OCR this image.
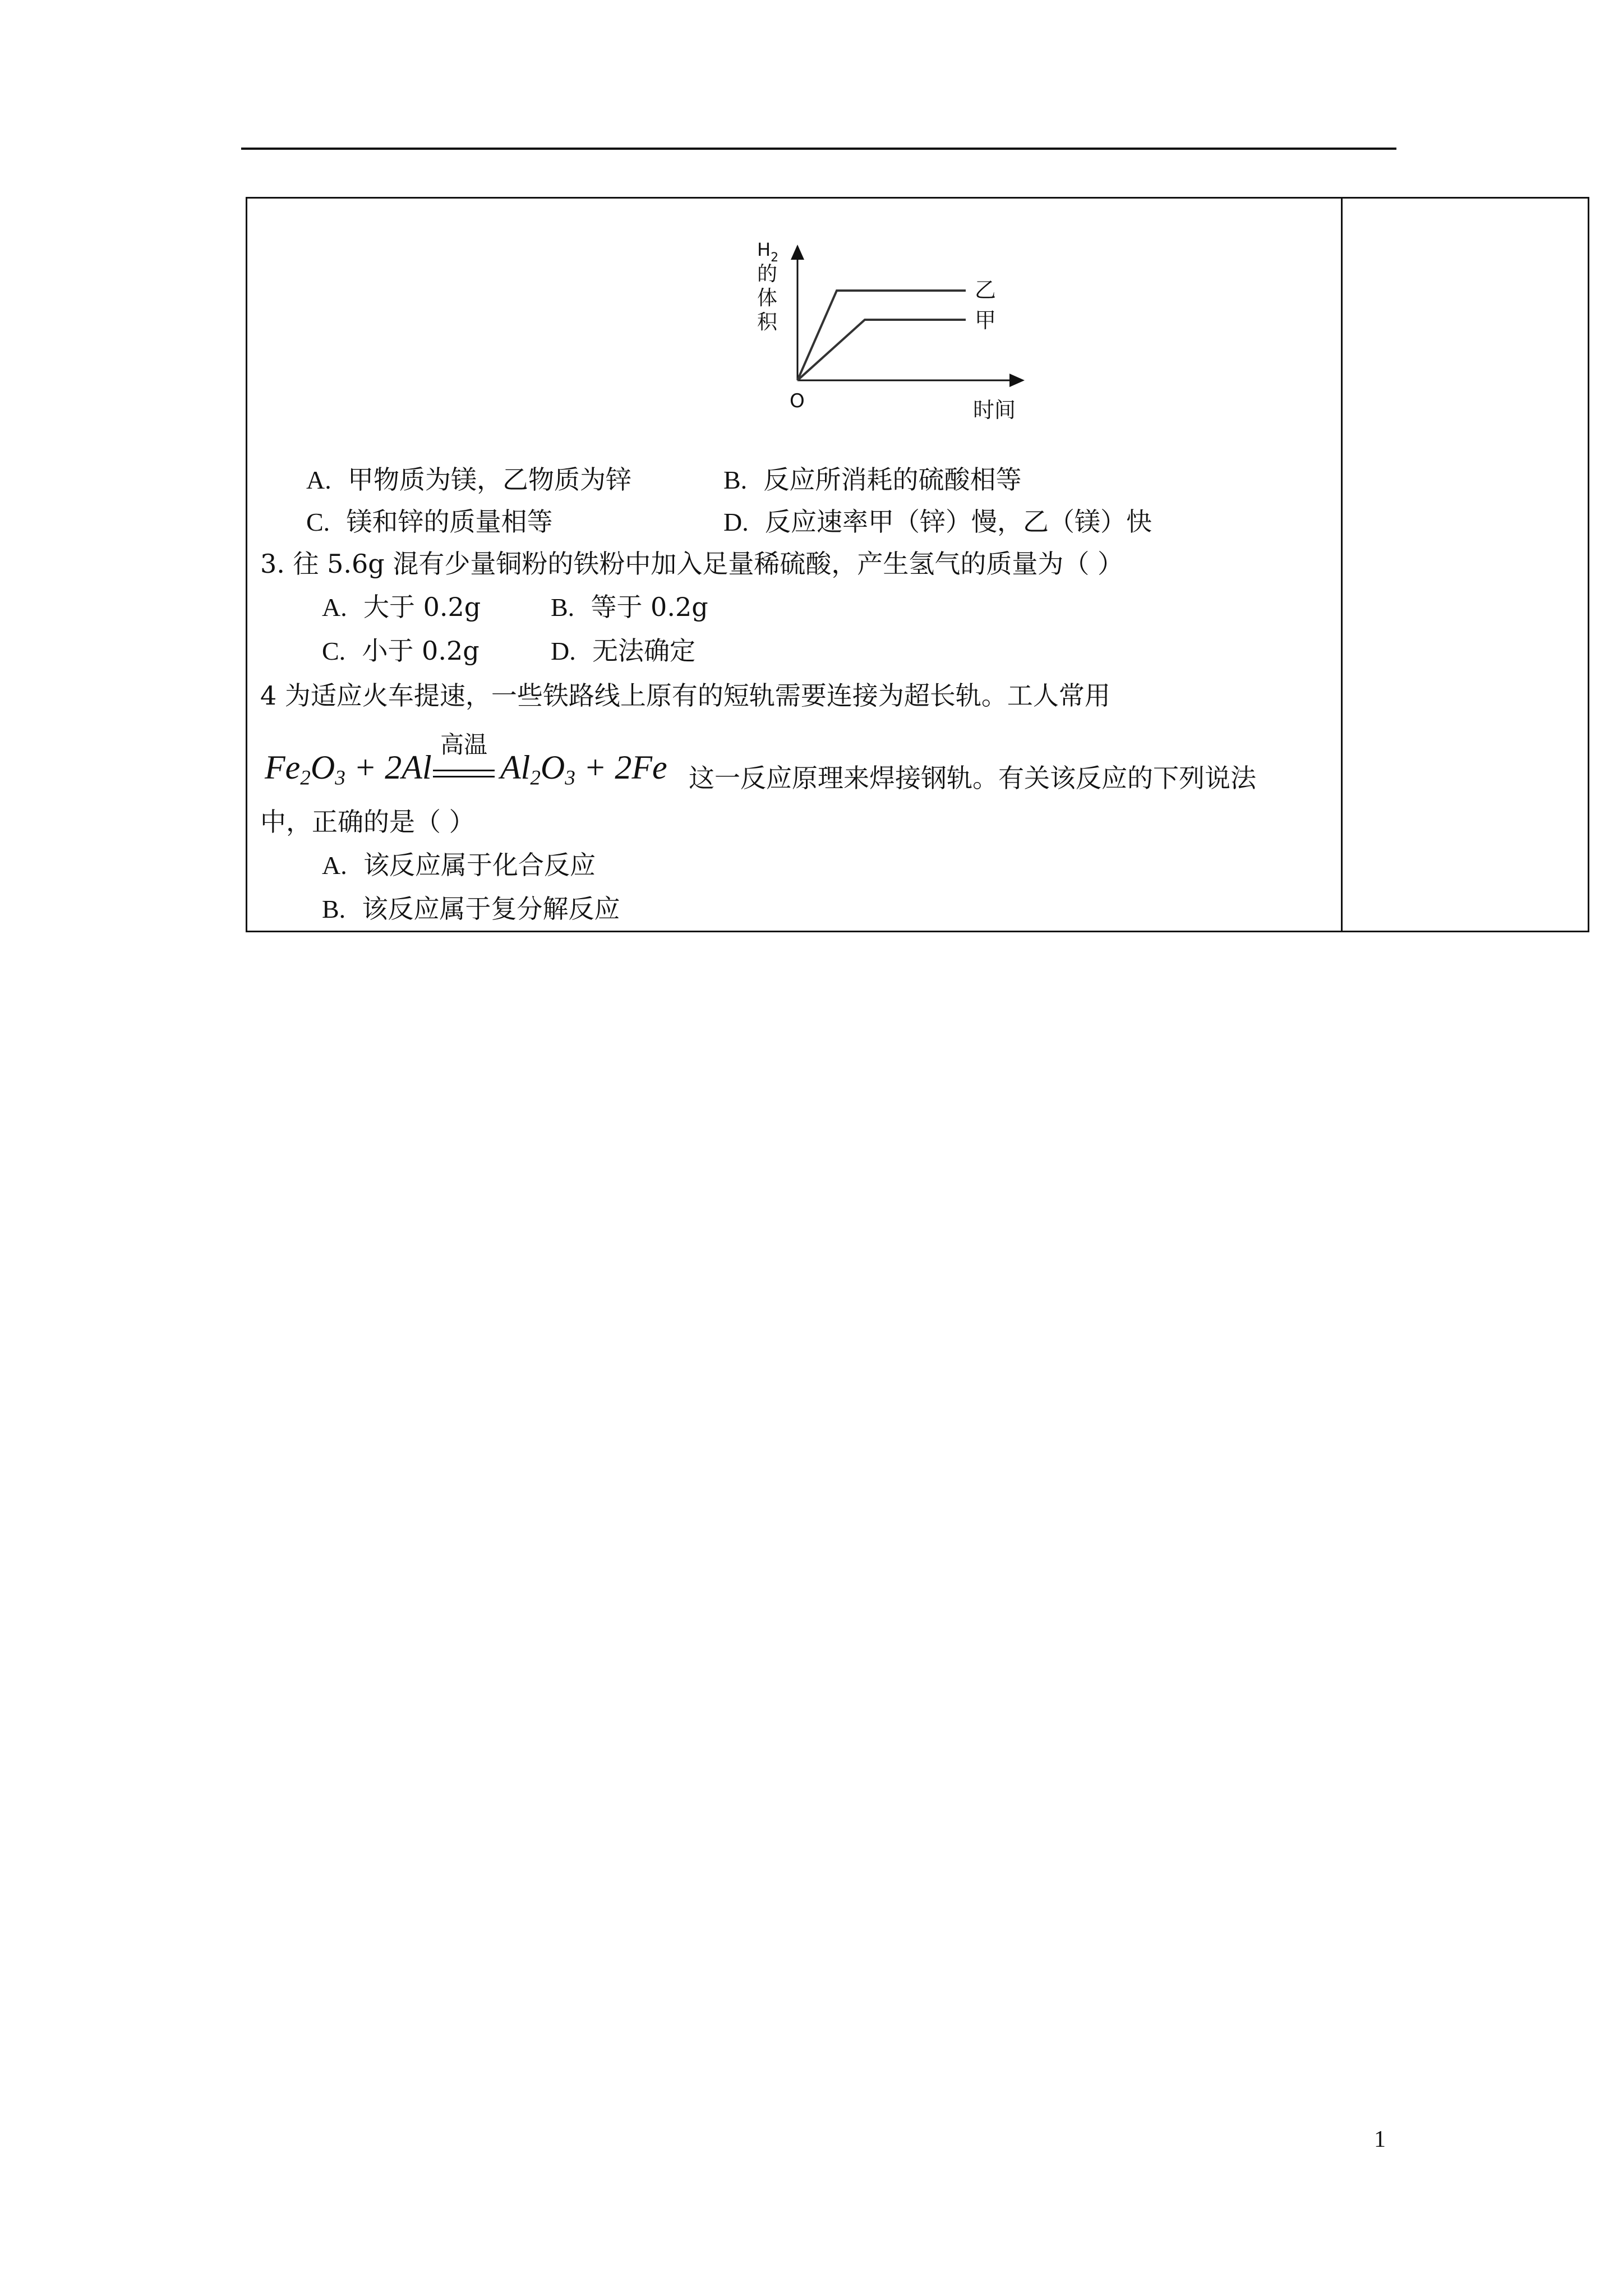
$H_2$
的
体
积
O	时间
乙
甲
A. 甲物质为镁，乙物质为锌	B. 反应所消耗的硫酸相等
C. 镁和锌的质量相等	D. 反应速率甲（锌）慢，乙（镁）快
3. 往 5.6g 混有少量铜粉的铁粉中加入足量稀硫酸，产生氢气的质量为（ ）
A. 大于 0.2g	B. 等于 0.2g
C. 小于 0.2g	D. 无法确定
4 为适应火车提速，一些铁路线上原有的短轨需要连接为超长轨。工人常用
$Fe_2O_3 + 2Al$
高温
$Al_2O_3 + 2Fe$ 这一反应原理来焊接钢轨。有关该反应的下列说法
中，正确的是（ ）
A. 该反应属于化合反应
B. 该反应属于复分解反应
1
